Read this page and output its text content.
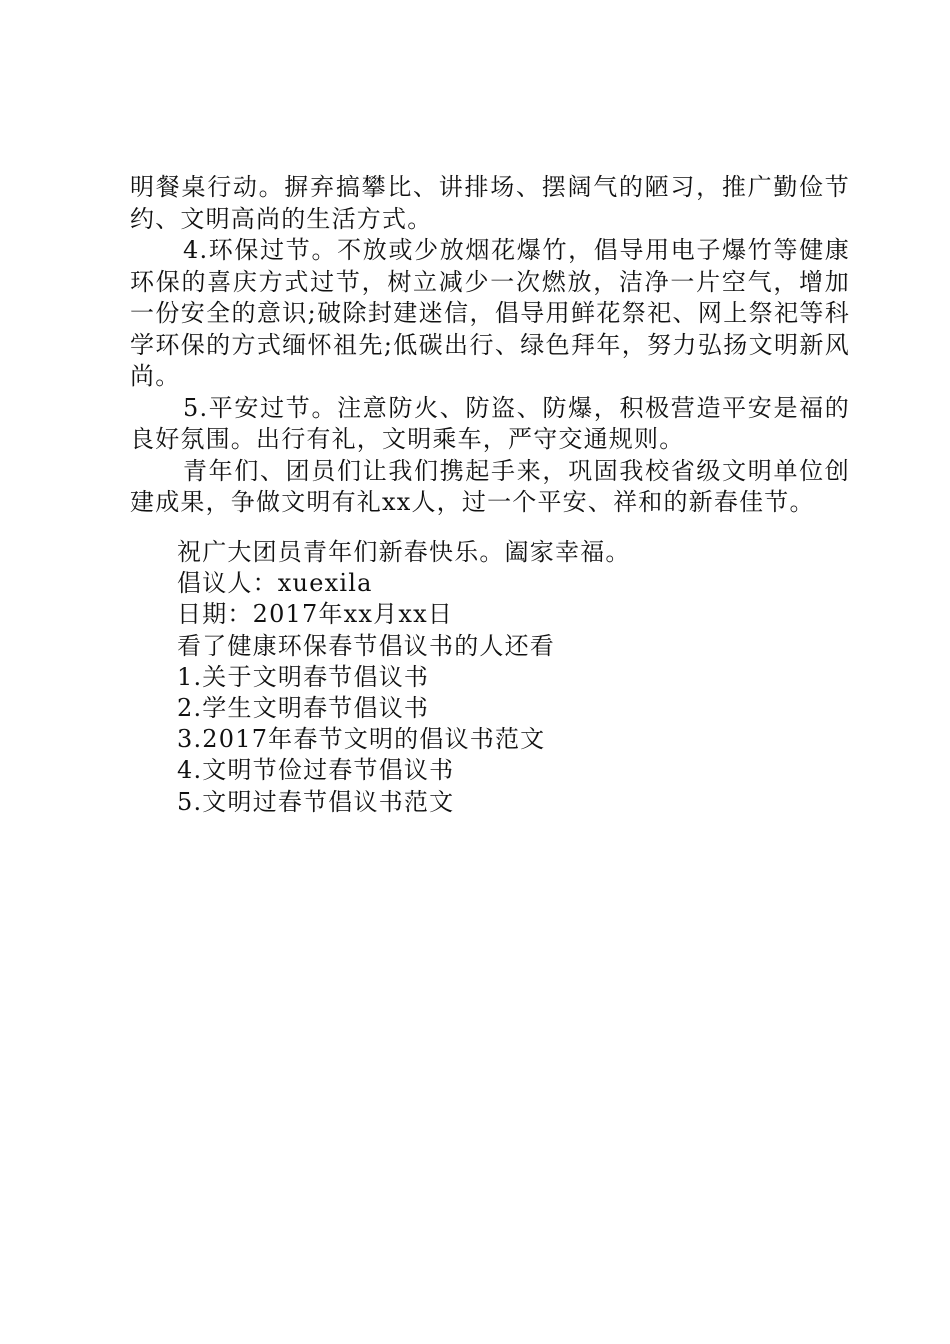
明餐桌行动。摒弃搞攀比、讲排场、摆阔气的陋习，推广勤俭节约、文明高尚的生活方式。

4.环保过节。不放或少放烟花爆竹，倡导用电子爆竹等健康环保的喜庆方式过节，树立减少一次燃放，洁净一片空气，增加一份安全的意识;破除封建迷信，倡导用鲜花祭祀、网上祭祀等科学环保的方式缅怀祖先;低碳出行、绿色拜年，努力弘扬文明新风尚。

5.平安过节。注意防火、防盗、防爆，积极营造平安是福的良好氛围。出行有礼，文明乘车，严守交通规则。

青年们、团员们让我们携起手来，巩固我校省级文明单位创建成果，争做文明有礼xx人，过一个平安、祥和的新春佳节。

祝广大团员青年们新春快乐。阖家幸福。

倡议人：xuexila

日期：2017年xx月xx日

看了健康环保春节倡议书的人还看

1.关于文明春节倡议书

2.学生文明春节倡议书

3.2017年春节文明的倡议书范文

4.文明节俭过春节倡议书

5.文明过春节倡议书范文
